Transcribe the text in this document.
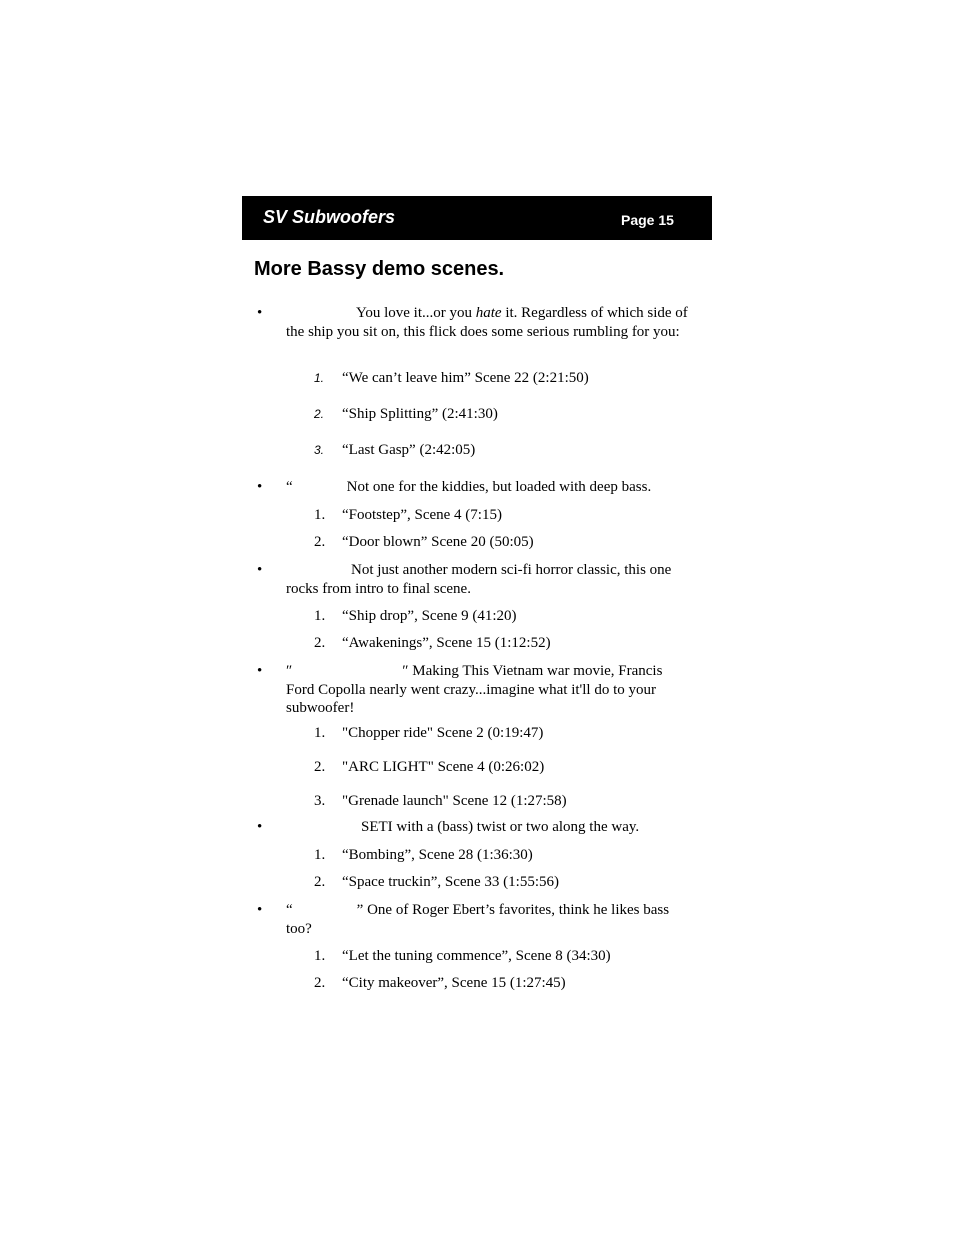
SV Subwoofers	Page 15
More Bassy demo scenes.
•	You love it...or you hate it. Regardless of which side of the ship you sit on, this flick does some serious rumbling for you:
1. “We can’t leave him” Scene 22 (2:21:50)
2. “Ship Splitting” (2:41:30)
3. “Last Gasp” (2:42:05)
• “	Not one for the kiddies, but loaded with deep bass.
1. “Footstep”, Scene 4 (7:15)
2. “Door blown” Scene 20 (50:05)
•	Not just another modern sci-fi horror classic, this one rocks from intro to final scene.
1. “Ship drop”, Scene 9 (41:20)
2. “Awakenings”, Scene 15 (1:12:52)
• ″	″ Making This Vietnam war movie, Francis Ford Copolla nearly went crazy...imagine what it'll do to your subwoofer!
1. "Chopper ride" Scene 2 (0:19:47)
2. "ARC LIGHT" Scene 4 (0:26:02)
3. "Grenade launch" Scene 12 (1:27:58)
•	SETI with a (bass) twist or two along the way.
1. “Bombing”, Scene 28 (1:36:30)
2. “Space truckin”, Scene 33 (1:55:56)
• “	” One of Roger Ebert’s favorites, think he likes bass too?
1. “Let the tuning commence”, Scene 8 (34:30)
2. “City makeover”, Scene 15 (1:27:45)
